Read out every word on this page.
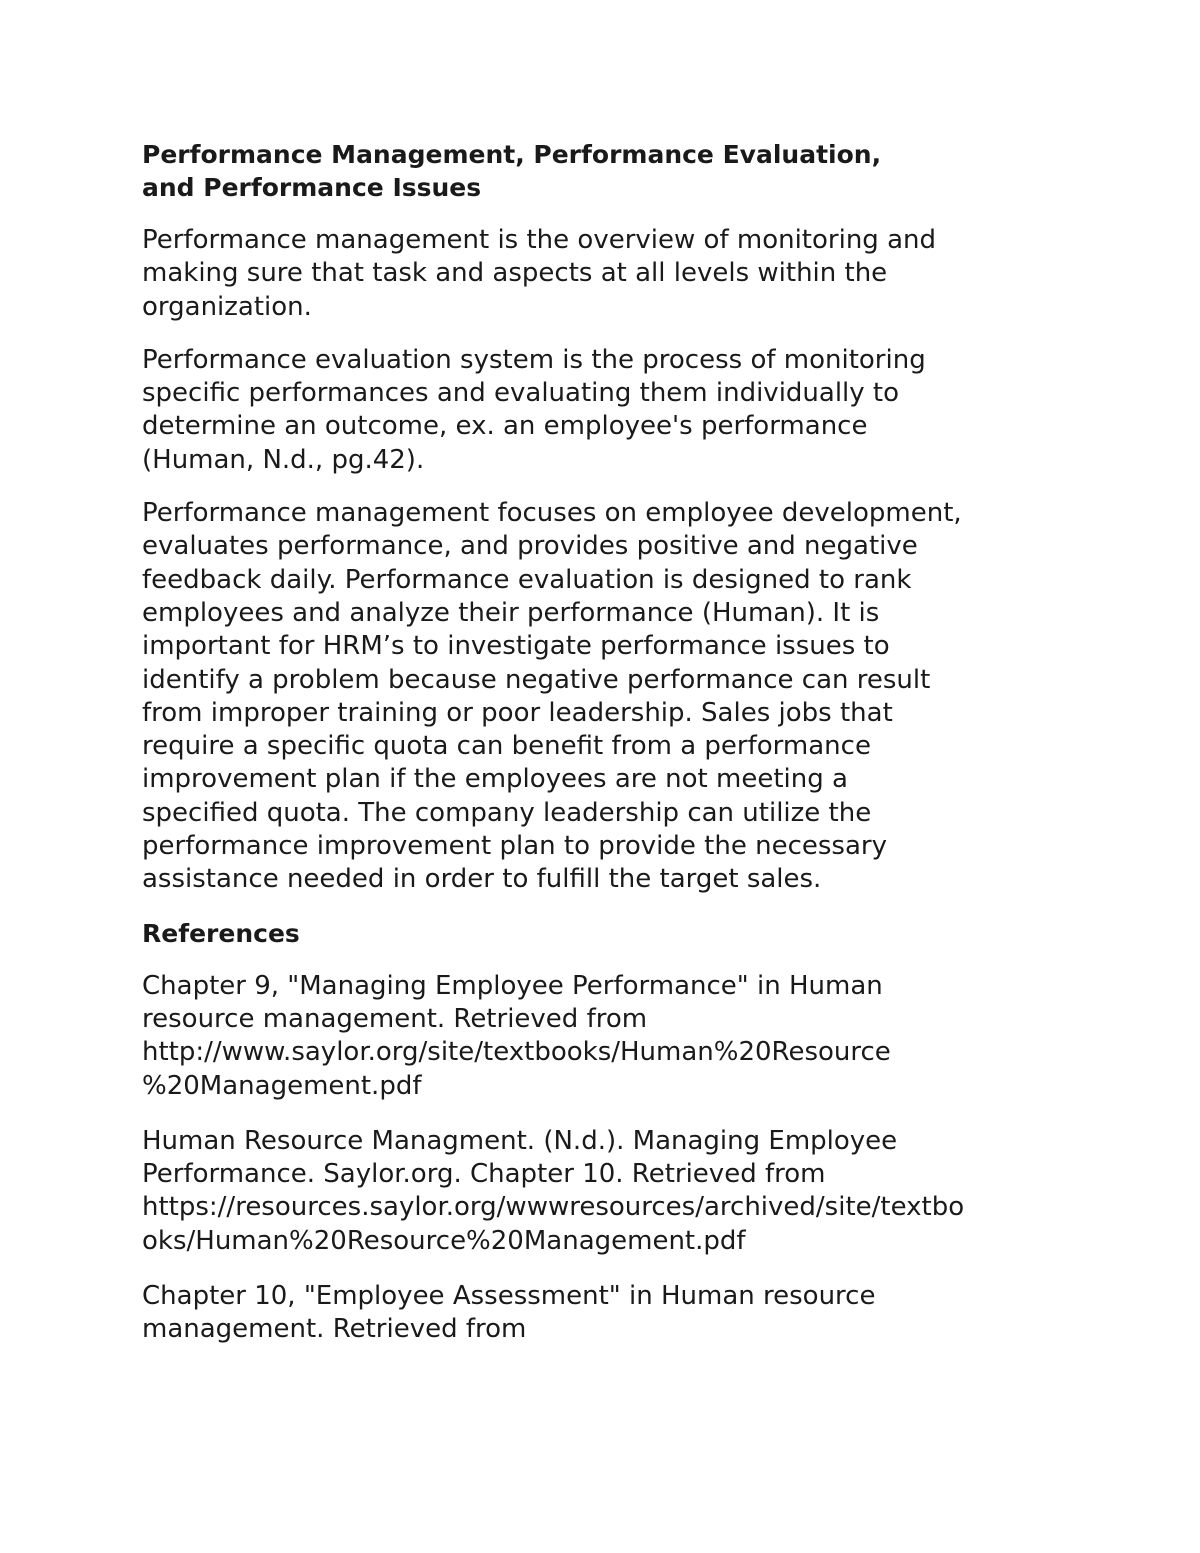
Performance Management, Performance Evaluation,
and Performance Issues
Performance management is the overview of monitoring and
making sure that task and aspects at all levels within the
organization.
Performance evaluation system is the process of monitoring
specific performances and evaluating them individually to
determine an outcome, ex. an employee's performance
(Human, N.d., pg.42).
Performance management focuses on employee development,
evaluates performance, and provides positive and negative
feedback daily. Performance evaluation is designed to rank
employees and analyze their performance (Human). It is
important for HRM’s to investigate performance issues to
identify a problem because negative performance can result
from improper training or poor leadership. Sales jobs that
require a specific quota can benefit from a performance
improvement plan if the employees are not meeting a
specified quota. The company leadership can utilize the
performance improvement plan to provide the necessary
assistance needed in order to fulfill the target sales.
References
Chapter 9, "Managing Employee Performance" in Human
resource management. Retrieved from
http://www.saylor.org/site/textbooks/Human%20Resource
%20Management.pdf
Human Resource Managment. (N.d.). Managing Employee
Performance. Saylor.org. Chapter 10. Retrieved from
https://resources.saylor.org/wwwresources/archived/site/textbo
oks/Human%20Resource%20Management.pdf
Chapter 10, "Employee Assessment" in Human resource
management. Retrieved from
